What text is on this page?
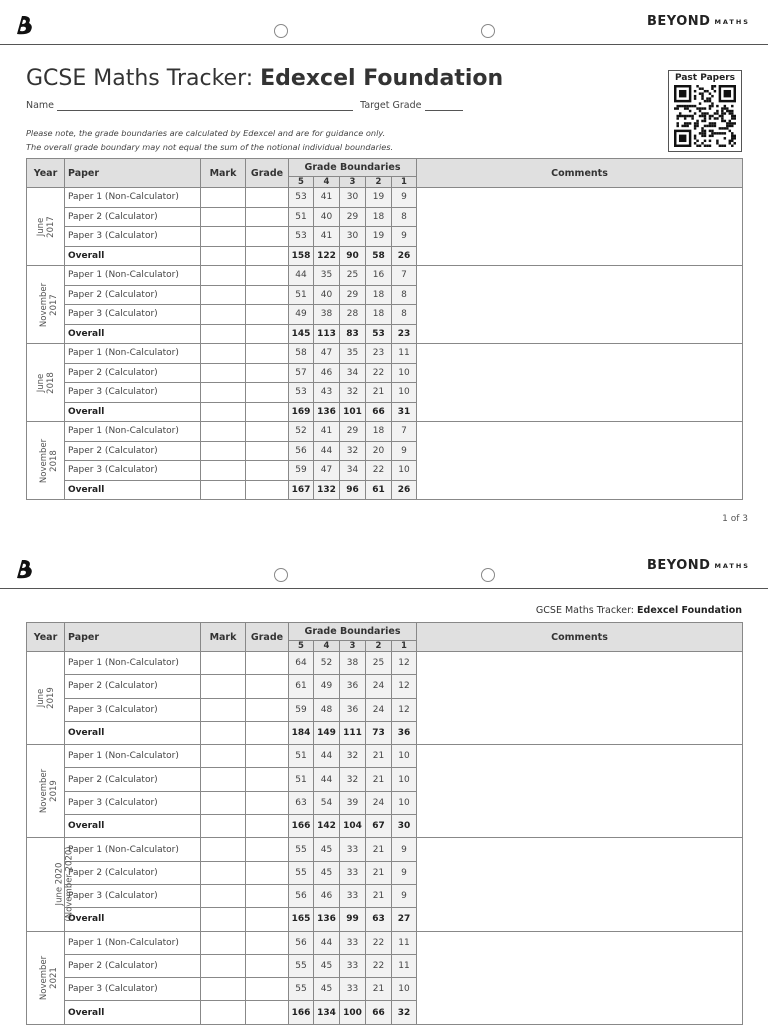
BEYOND MATHS
GCSE Maths Tracker: Edexcel Foundation
Name	Target Grade
Please note, the grade boundaries are calculated by Edexcel and are for guidance only.
The overall grade boundary may not equal the sum of the notional individual boundaries.
Past Papers
Year	Paper	Mark	Grade	Grade Boundaries					Comments
				5	4	3	2	1	

June 2017	Paper 1 (Non-Calculator)			53	41	30	19	9	
	Paper 2 (Calculator)			51	40	29	18	8	
	Paper 3 (Calculator)			53	41	30	19	9	
	Overall			158	122	90	58	26	

November 2017	Paper 1 (Non-Calculator)			44	35	25	16	7	
	Paper 2 (Calculator)			51	40	29	18	8	
	Paper 3 (Calculator)			49	38	28	18	8	
	Overall			145	113	83	53	23	

June 2018	Paper 1 (Non-Calculator)			58	47	35	23	11	
	Paper 2 (Calculator)			57	46	34	22	10	
	Paper 3 (Calculator)			53	43	32	21	10	
	Overall			169	136	101	66	31	

November 2018	Paper 1 (Non-Calculator)			52	41	29	18	7	
	Paper 2 (Calculator)			56	44	32	20	9	
	Paper 3 (Calculator)			59	47	34	22	10	
	Overall			167	132	96	61	26	
1 of 3
BEYOND MATHS
GCSE Maths Tracker: Edexcel Foundation
Year	Paper	Mark	Grade	Grade Boundaries					Comments
				5	4	3	2	1	

June 2019	Paper 1 (Non-Calculator)			64	52	38	25	12	
	Paper 2 (Calculator)			61	49	36	24	12	
	Paper 3 (Calculator)			59	48	36	24	12	
	Overall			184	149	111	73	36	

November 2019	Paper 1 (Non-Calculator)			51	44	32	21	10	
	Paper 2 (Calculator)			51	44	32	21	10	
	Paper 3 (Calculator)			63	54	39	24	10	
	Overall			166	142	104	67	30	

June 2020 (November 2020)	Paper 1 (Non-Calculator)			55	45	33	21	9	
	Paper 2 (Calculator)			55	45	33	21	9	
	Paper 3 (Calculator)			56	46	33	21	9	
	Overall			165	136	99	63	27	

November 2021	Paper 1 (Non-Calculator)			56	44	33	22	11	
	Paper 2 (Calculator)			55	45	33	22	11	
	Paper 3 (Calculator)			55	45	33	21	10	
	Overall			166	134	100	66	32	
